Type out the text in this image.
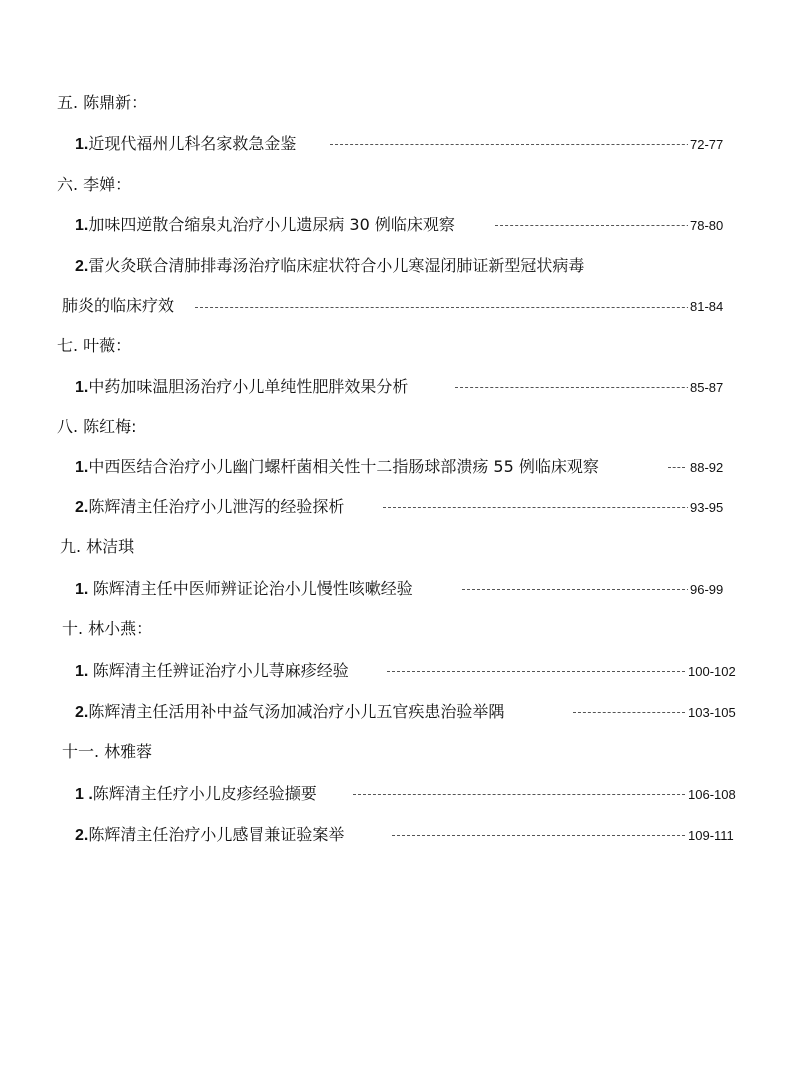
五. 陈鼎新：
1.近现代福州儿科名家救急金鉴	72-77
六. 李婵：
1.加味四逆散合缩泉丸治疗小儿遗尿病 30 例临床观察	78-80
2.雷火灸联合清肺排毒汤治疗临床症状符合小儿寒湿闭肺证新型冠状病毒
肺炎的临床疗效	81-84
七. 叶薇：
1.中药加味温胆汤治疗小儿单纯性肥胖效果分析	85-87
八. 陈红梅:
1.中西医结合治疗小儿幽门螺杆菌相关性十二指肠球部溃疡 55 例临床观察	88-92
2.陈辉清主任治疗小儿泄泻的经验探析	93-95
九. 林洁琪
1. 陈辉清主任中医师辨证论治小儿慢性咳嗽经验	96-99
十. 林小燕：
1. 陈辉清主任辨证治疗小儿荨麻疹经验	100-102
2.陈辉清主任活用补中益气汤加减治疗小儿五官疾患治验举隅	103-105
十一. 林雅蓉
1 .陈辉清主任疗小儿皮疹经验撷要	106-108
2.陈辉清主任治疗小儿感冒兼证验案举	109-111
